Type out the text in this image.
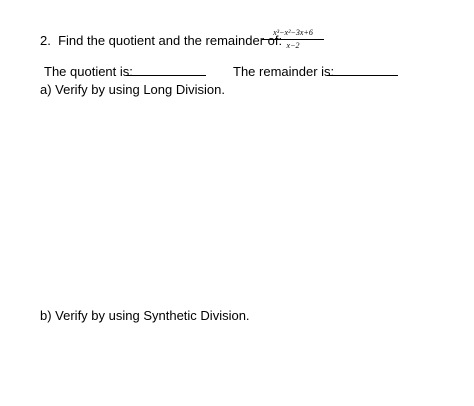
2. Find the quotient and the remainder of:
x³−x²−3x+6
x−2
The quotient is:	The remainder is:
a) Verify by using Long Division.
b) Verify by using Synthetic Division.
